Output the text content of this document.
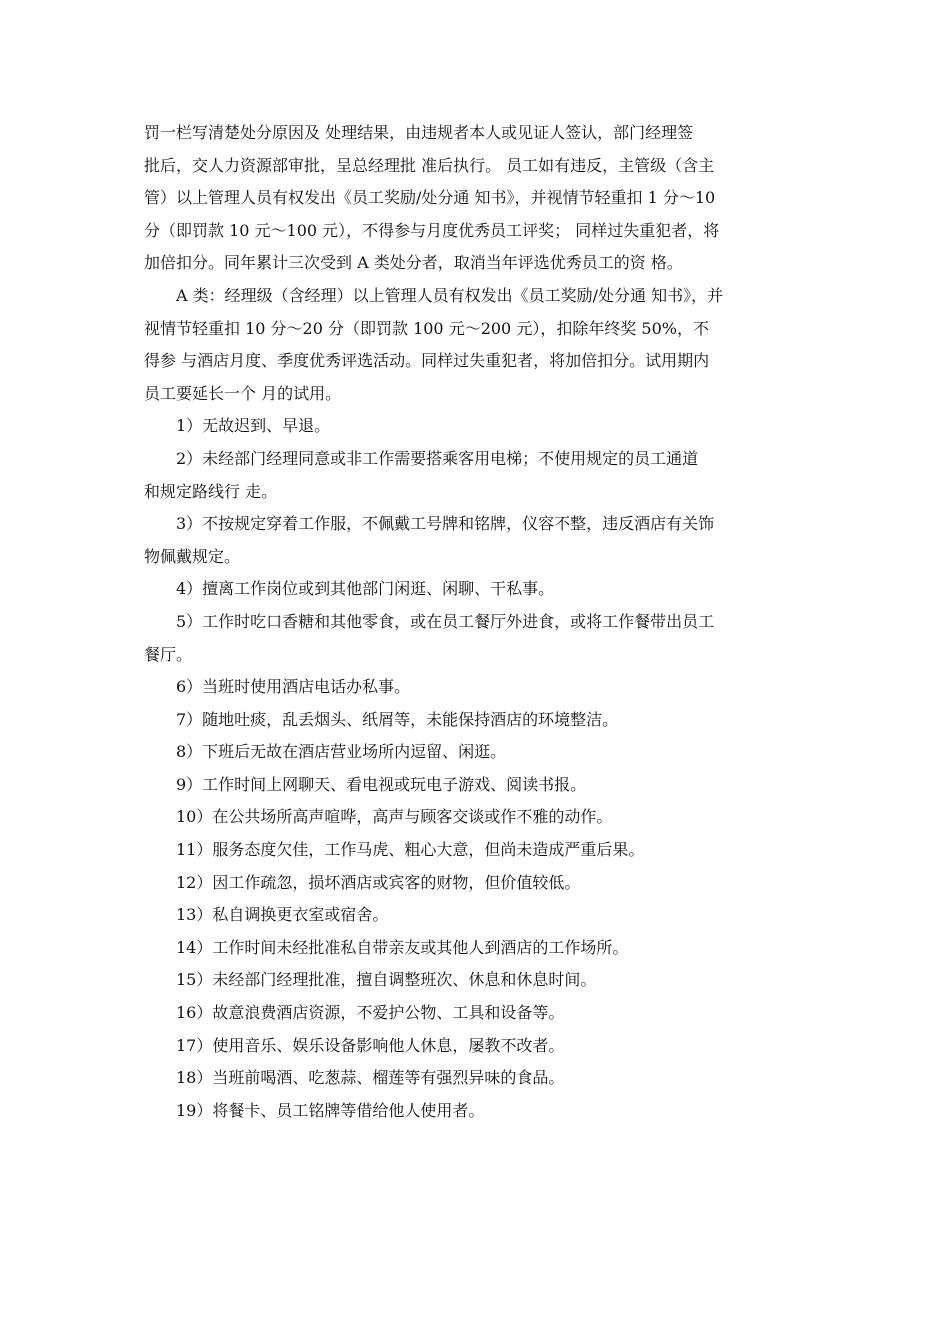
罚一栏写清楚处分原因及 处理结果，由违规者本人或见证人签认，部门经理签
批后，交人力资源部审批，呈总经理批 准后执行。 员工如有违反，主管级（含主
管）以上管理人员有权发出《员工奖励/处分通 知书》，并视情节轻重扣 1 分～10
分（即罚款 10 元～100 元），不得参与月度优秀员工评奖； 同样过失重犯者，将
加倍扣分。同年累计三次受到 A 类处分者，取消当年评选优秀员工的资 格。

A 类：经理级（含经理）以上管理人员有权发出《员工奖励/处分通 知书》，并
视情节轻重扣 10 分～20 分（即罚款 100 元～200 元），扣除年终奖 50%，不
得参 与酒店月度、季度优秀评选活动。同样过失重犯者，将加倍扣分。试用期内
员工要延长一个 月的试用。

1）无故迟到、早退。

2）未经部门经理同意或非工作需要搭乘客用电梯；不使用规定的员工通道
和规定路线行 走。

3）不按规定穿着工作服，不佩戴工号牌和铭牌，仪容不整，违反酒店有关饰
物佩戴规定。

4）擅离工作岗位或到其他部门闲逛、闲聊、干私事。

5）工作时吃口香糖和其他零食，或在员工餐厅外进食，或将工作餐带出员工
餐厅。

6）当班时使用酒店电话办私事。

7）随地吐痰，乱丢烟头、纸屑等，未能保持酒店的环境整洁。

8）下班后无故在酒店营业场所内逗留、闲逛。

9）工作时间上网聊天、看电视或玩电子游戏、阅读书报。

10）在公共场所高声喧哗，高声与顾客交谈或作不雅的动作。

11）服务态度欠佳，工作马虎、粗心大意，但尚未造成严重后果。

12）因工作疏忽，损坏酒店或宾客的财物，但价值较低。

13）私自调换更衣室或宿舍。

14）工作时间未经批准私自带亲友或其他人到酒店的工作场所。

15）未经部门经理批准，擅自调整班次、休息和休息时间。

16）故意浪费酒店资源，不爱护公物、工具和设备等。

17）使用音乐、娱乐设备影响他人休息，屡教不改者。

18）当班前喝酒、吃葱蒜、榴莲等有强烈异味的食品。

19）将餐卡、员工铭牌等借给他人使用者。
